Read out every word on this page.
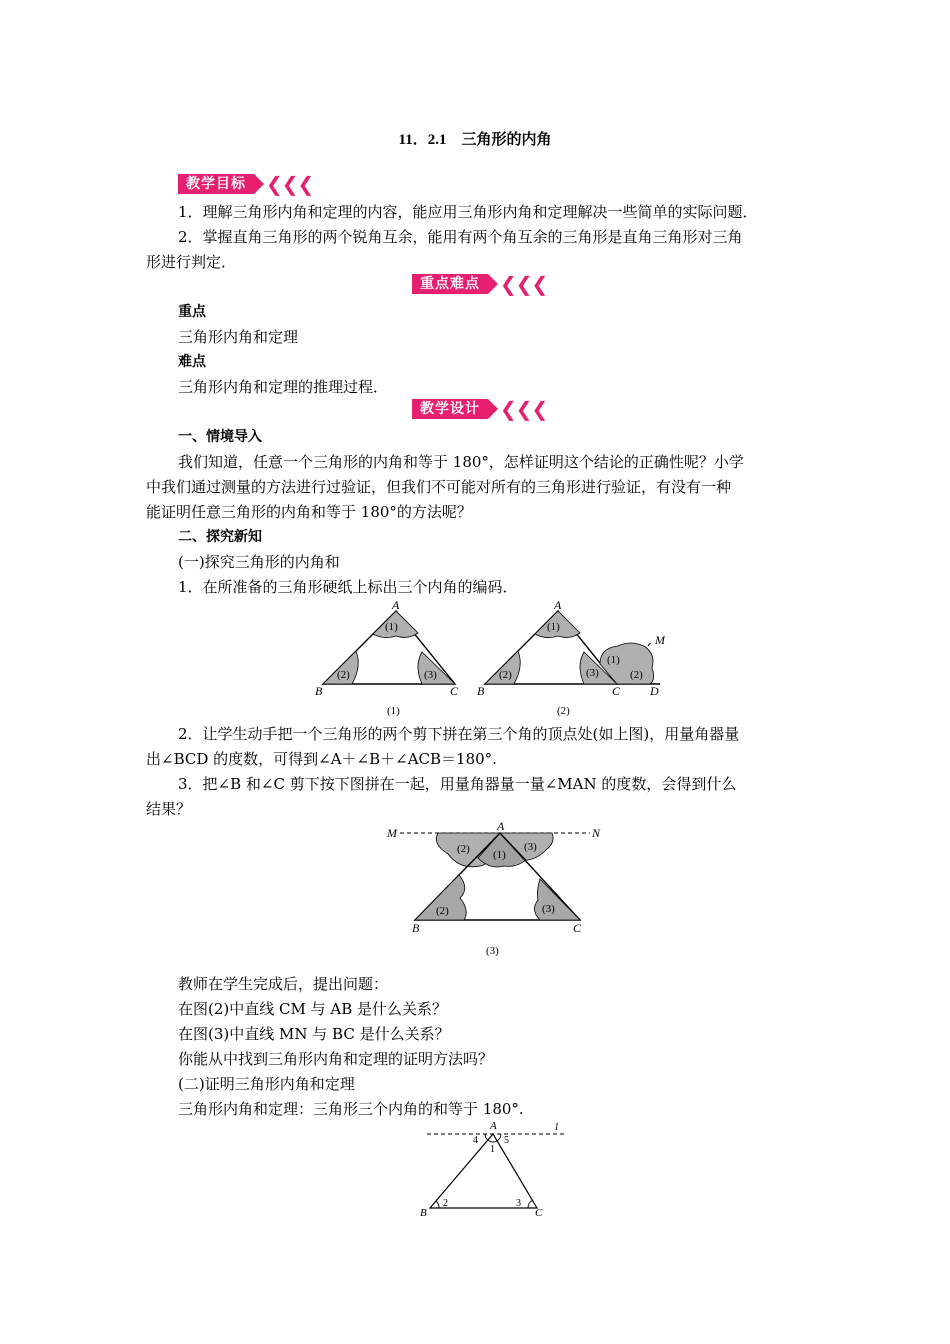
11．2.1　三角形的内角
教学目标	❮❮❮
1．理解三角形内角和定理的内容，能应用三角形内角和定理解决一些简单的实际问题．
2．掌握直角三角形的两个锐角互余，能用有两个角互余的三角形是直角三角形对三角
形进行判定．
重点难点	❮❮❮
重点
三角形内角和定理
难点
三角形内角和定理的推理过程．
教学设计	❮❮❮
一、情境导入
我们知道，任意一个三角形的内角和等于 180°，怎样证明这个结论的正确性呢？小学
中我们通过测量的方法进行过验证，但我们不可能对所有的三角形进行验证，有没有一种
能证明任意三角形的内角和等于 180°的方法呢？
二、探究新知
(一)探究三角形的内角和
1．在所准备的三角形硬纸上标出三个内角的编码．
A
B	C
(1)
(2)	(3)
(1)
A
B	C D
M
(1)
(2)	(3)
(1)
(2)
(2)
2．让学生动手把一个三角形的两个剪下拼在第三个角的顶点处(如上图)，用量角器量
出∠BCD 的度数，可得到∠A＋∠B＋∠ACB＝180°.
3．把∠B 和∠C 剪下按下图拼在一起，用量角器量一量∠MAN 的度数，会得到什么
结果？
M	N
A
B	C
(1)
(2)	(3)
(2)	(3)
(3)
教师在学生完成后，提出问题：
在图(2)中直线 CM 与 AB 是什么关系？
在图(3)中直线 MN 与 BC 是什么关系？
你能从中找到三角形内角和定理的证明方法吗？
(二)证明三角形内角和定理
三角形内角和定理：三角形三个内角的和等于 180°.
A	l
4	5
1
2	3
B	C
